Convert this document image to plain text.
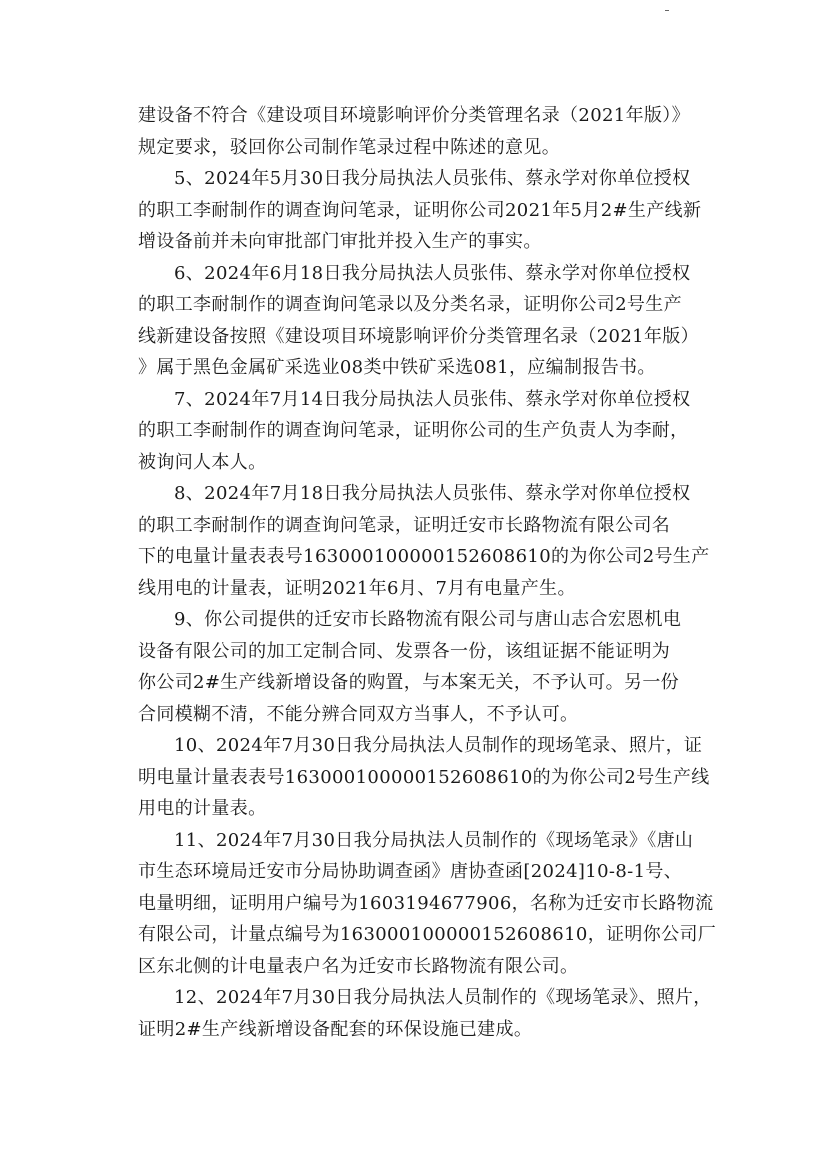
建设备不符合《建设项目环境影响评价分类管理名录（2021年版）》
规定要求，驳回你公司制作笔录过程中陈述的意见。
5、2024年5月30日我分局执法人员张伟、蔡永学对你单位授权
的职工李耐制作的调查询问笔录，证明你公司2021年5月2#生产线新
增设备前并未向审批部门审批并投入生产的事实。
6、2024年6月18日我分局执法人员张伟、蔡永学对你单位授权
的职工李耐制作的调查询问笔录以及分类名录，证明你公司2号生产
线新建设备按照《建设项目环境影响评价分类管理名录（2021年版）
》属于黑色金属矿采选业08类中铁矿采选081，应编制报告书。
7、2024年7月14日我分局执法人员张伟、蔡永学对你单位授权
的职工李耐制作的调查询问笔录，证明你公司的生产负责人为李耐，
被询问人本人。
8、2024年7月18日我分局执法人员张伟、蔡永学对你单位授权
的职工李耐制作的调查询问笔录，证明迁安市长路物流有限公司名
下的电量计量表表号163000100000152608610的为你公司2号生产
线用电的计量表，证明2021年6月、7月有电量产生。
9、你公司提供的迁安市长路物流有限公司与唐山志合宏恩机电
设备有限公司的加工定制合同、发票各一份，该组证据不能证明为
你公司2#生产线新增设备的购置，与本案无关，不予认可。另一份
合同模糊不清，不能分辨合同双方当事人，不予认可。
10、2024年7月30日我分局执法人员制作的现场笔录、照片，证
明电量计量表表号163000100000152608610的为你公司2号生产线
用电的计量表。
11、2024年7月30日我分局执法人员制作的《现场笔录》《唐山
市生态环境局迁安市分局协助调查函》唐协查函[2024]10-8-1号、
电量明细，证明用户编号为1603194677906，名称为迁安市长路物流
有限公司，计量点编号为163000100000152608610，证明你公司厂
区东北侧的计电量表户名为迁安市长路物流有限公司。
12、2024年7月30日我分局执法人员制作的《现场笔录》、照片，
证明2#生产线新增设备配套的环保设施已建成。
